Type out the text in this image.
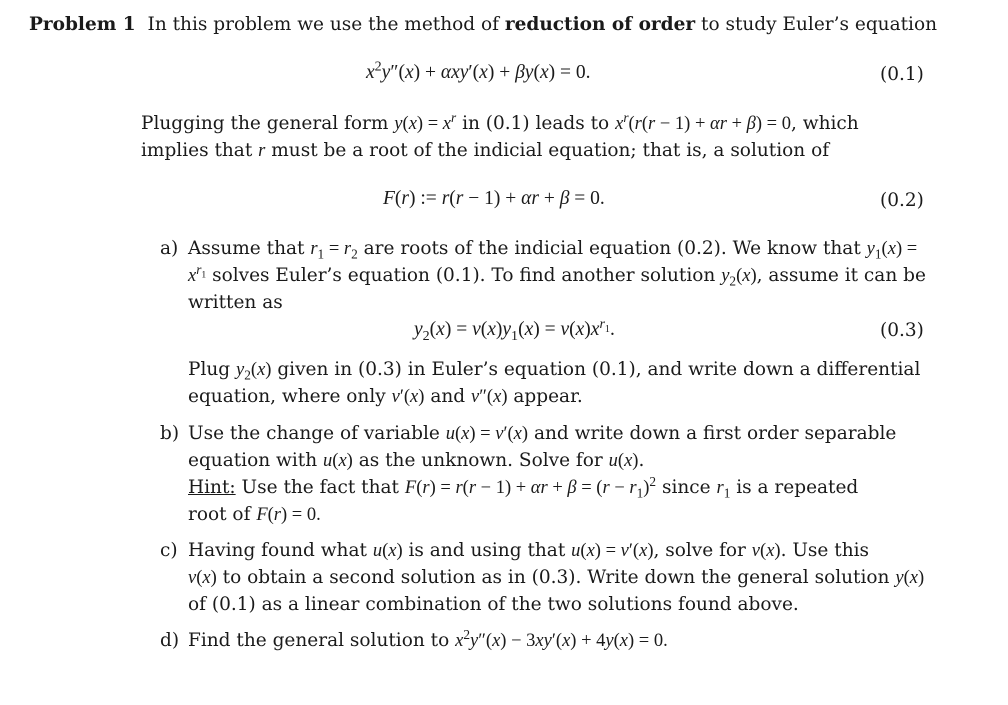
Problem 1 In this problem we use the method of reduction of order to study Euler’s equation
$x^2y''(x) + \alpha xy'(x) + \beta y(x) = 0$.	(0.1)
Plugging the general form $y(x) = x^r$ in (0.1) leads to $x^r(r(r - 1) + \alpha r + \beta) = 0$, which
implies that r must be a root of the indicial equation; that is, a solution of
F(r) := r(r − 1) + αr + β = 0.	(0.2)
a) Assume that $r_1 = r_2$ are roots of the indicial equation (0.2). We know that $y_1(x)$ =
$x^{r_1}$ solves Euler’s equation (0.1). To find another solution $y_2(x)$, assume it can be
written as
$y_2(x) = v(x)y_1(x) = v(x)x^{r_1}$.	(0.3)
Plug $y_2(x)$ given in (0.3) in Euler’s equation (0.1), and write down a differential
equation, where only v′(x) and v″(x) appear.
b) Use the change of variable u(x) = v′(x) and write down a first order separable
equation with u(x) as the unknown. Solve for u(x).
Hint: Use the fact that $F(r) = r(r - 1) + \alpha r + \beta = (r - r_1)^2$ since $r_1$ is a repeated
root of F(r) = 0.
c) Having found what u(x) is and using that u(x) = v′(x), solve for v(x). Use this
v(x) to obtain a second solution as in (0.3). Write down the general solution y(x)
of (0.1) as a linear combination of the two solutions found above.
d) Find the general solution to $x^2y''(x) - 3xy'(x) + 4y(x) = 0$.
